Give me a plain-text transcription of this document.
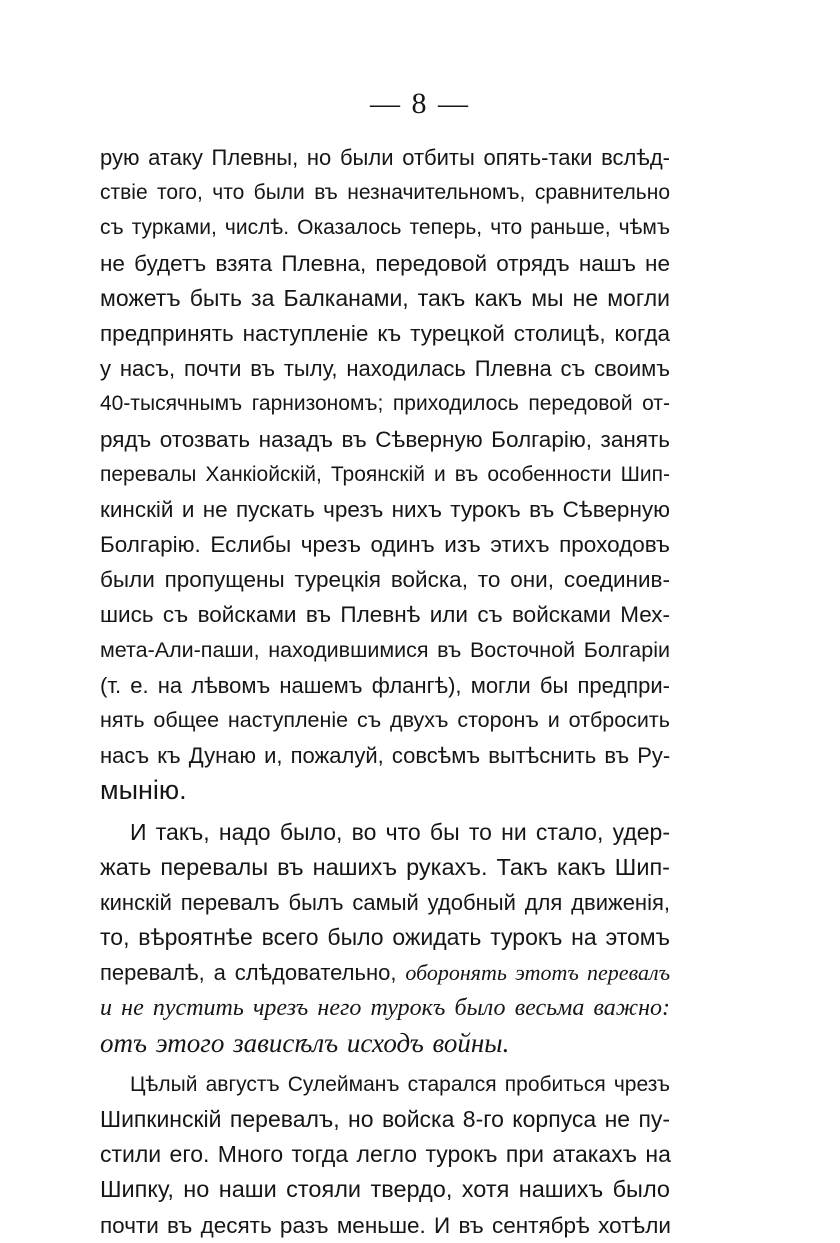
— 8 —
рую атаку Плевны, но были отбиты опять-таки вслѣд-
ствіе того, что были въ незначительномъ, сравнительно
съ турками, числѣ. Оказалось теперь, что раньше, чѣмъ
не будетъ взята Плевна, передовой отрядъ нашъ не
можетъ быть за Балканами, такъ какъ мы не могли
предпринять наступленіе къ турецкой столицѣ, когда
у насъ, почти въ тылу, находилась Плевна съ своимъ
40-тысячнымъ гарнизономъ; приходилось передовой от-
рядъ отозвать назадъ въ Сѣверную Болгарію, занять
перевалы Ханкіойскій, Троянскій и въ особенности Шип-
кинскій и не пускать чрезъ нихъ турокъ въ Сѣверную
Болгарію. Еслибы чрезъ одинъ изъ этихъ проходовъ
были пропущены турецкія войска, то они, соединив-
шись съ войсками въ Плевнѣ или съ войсками Мех-
мета-Али-паши, находившимися въ Восточной Болгаріи
(т. е. на лѣвомъ нашемъ флангѣ), могли бы предпри-
нять общее наступленіе съ двухъ сторонъ и отбросить
насъ къ Дунаю и, пожалуй, совсѣмъ вытѣснить въ Ру-
мынію.
И такъ, надо было, во что бы то ни стало, удер-
жать перевалы въ нашихъ рукахъ. Такъ какъ Шип-
кинскій перевалъ былъ самый удобный для движенія,
то, вѣроятнѣе всего было ожидать турокъ на этомъ
перевалѣ, а слѣдовательно, оборонять этотъ перевалъ
и не пустить чрезъ него турокъ было весьма важно:
отъ этого зависѣлъ исходъ войны.
Цѣлый августъ Сулейманъ старался пробиться чрезъ
Шипкинскій перевалъ, но войска 8-го корпуса не пу-
стили его. Много тогда легло турокъ при атакахъ на
Шипку, но наши стояли твердо, хотя нашихъ было
почти въ десять разъ меньше. И въ сентябрѣ хотѣли
